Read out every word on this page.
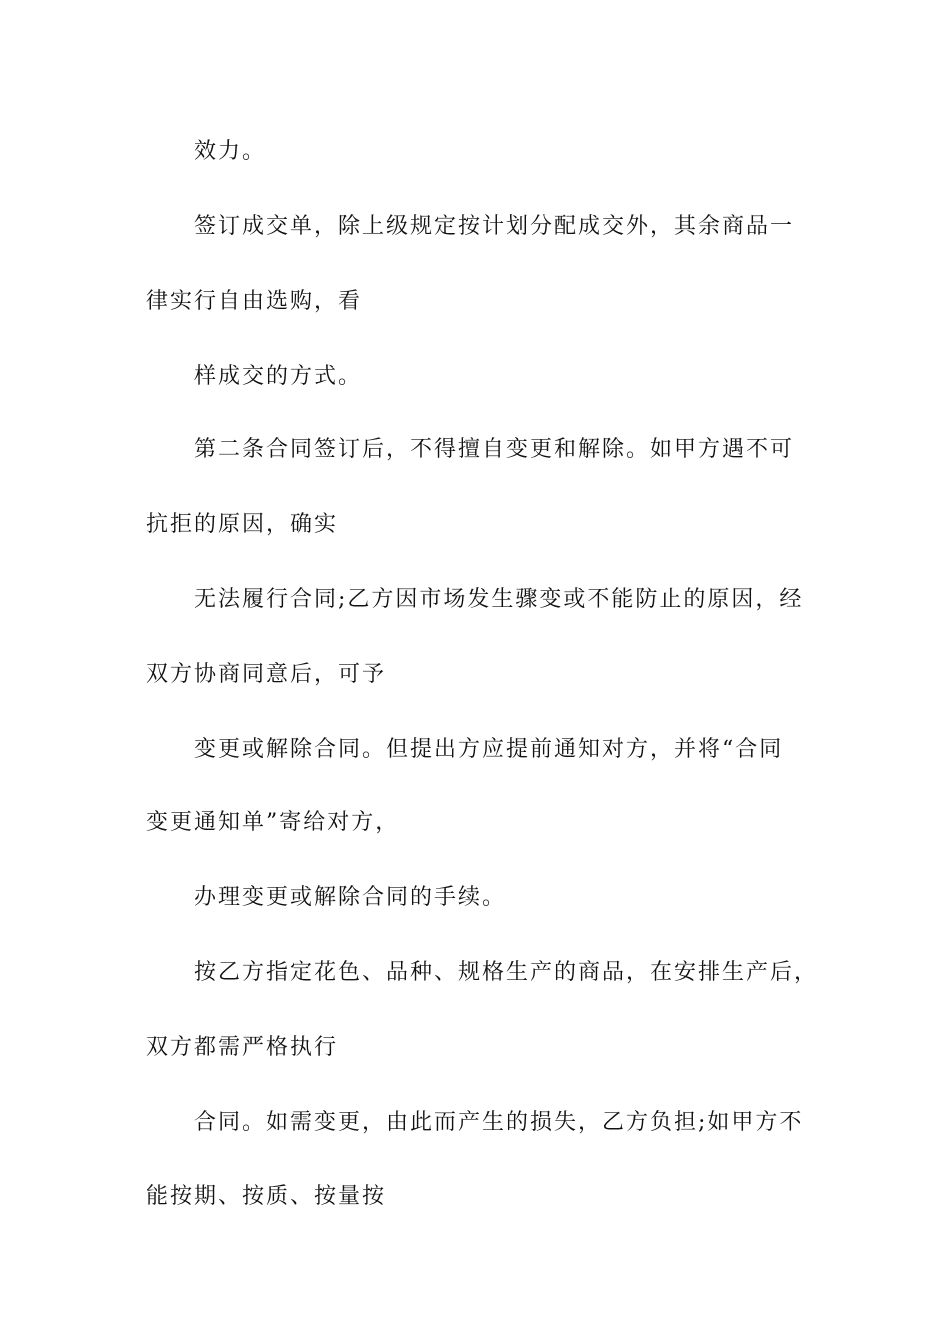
效力。
签订成交单，除上级规定按计划分配成交外，其余商品一
律实行自由选购，看
样成交的方式。
第二条合同签订后，不得擅自变更和解除。如甲方遇不可
抗拒的原因，确实
无法履行合同;乙方因市场发生骤变或不能防止的原因，经
双方协商同意后，可予
变更或解除合同。但提出方应提前通知对方，并将“合同
变更通知单”寄给对方，
办理变更或解除合同的手续。
按乙方指定花色、品种、规格生产的商品，在安排生产后，
双方都需严格执行
合同。如需变更，由此而产生的损失，乙方负担;如甲方不
能按期、按质、按量按
